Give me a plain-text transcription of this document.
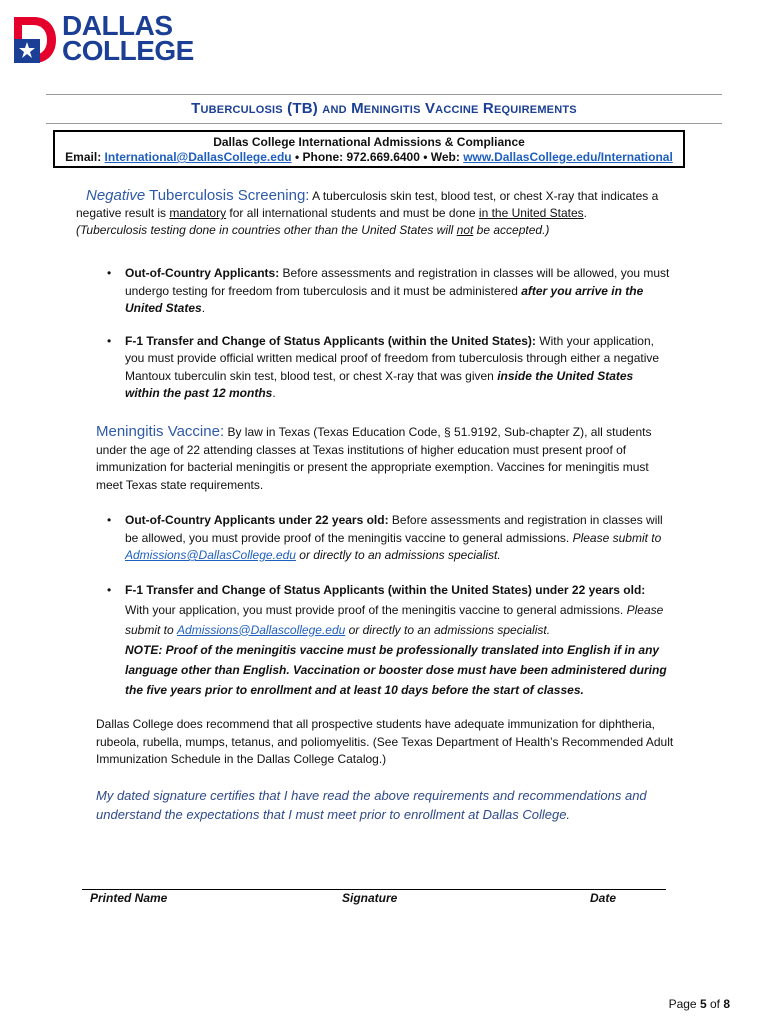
DALLAS
COLLEGE
Tuberculosis (TB) and Meningitis Vaccine Requirements
Dallas College International Admissions & Compliance
Email: International@DallasCollege.edu • Phone: 972.669.6400 • Web: www.DallasCollege.edu/International
Negative Tuberculosis Screening: A tuberculosis skin test, blood test, or chest X-ray that indicates a
negative result is mandatory for all international students and must be done in the United States.
(Tuberculosis testing done in countries other than the United States will not be accepted.)
• Out-of-Country Applicants: Before assessments and registration in classes will be allowed, you must undergo testing for freedom from tuberculosis and it must be administered after you arrive in the United States.
• F-1 Transfer and Change of Status Applicants (within the United States): With your application, you must provide official written medical proof of freedom from tuberculosis through either a negative Mantoux tuberculin skin test, blood test, or chest X-ray that was given inside the United States within the past 12 months.
Meningitis Vaccine: By law in Texas (Texas Education Code, § 51.9192, Sub-chapter Z), all students under the age of 22 attending classes at Texas institutions of higher education must present proof of immunization for bacterial meningitis or present the appropriate exemption. Vaccines for meningitis must meet Texas state requirements.
• Out-of-Country Applicants under 22 years old: Before assessments and registration in classes will be allowed, you must provide proof of the meningitis vaccine to general admissions. Please submit to Admissions@DallasCollege.edu or directly to an admissions specialist.
• F-1 Transfer and Change of Status Applicants (within the United States) under 22 years old: With your application, you must provide proof of the meningitis vaccine to general admissions. Please submit to Admissions@Dallascollege.edu or directly to an admissions specialist.
NOTE: Proof of the meningitis vaccine must be professionally translated into English if in any language other than English. Vaccination or booster dose must have been administered during the five years prior to enrollment and at least 10 days before the start of classes.
Dallas College does recommend that all prospective students have adequate immunization for diphtheria, rubeola, rubella, mumps, tetanus, and poliomyelitis. (See Texas Department of Health’s Recommended Adult Immunization Schedule in the Dallas College Catalog.)
My dated signature certifies that I have read the above requirements and recommendations and understand the expectations that I must meet prior to enrollment at Dallas College.
Printed Name	Signature	Date
Page 5 of 8
